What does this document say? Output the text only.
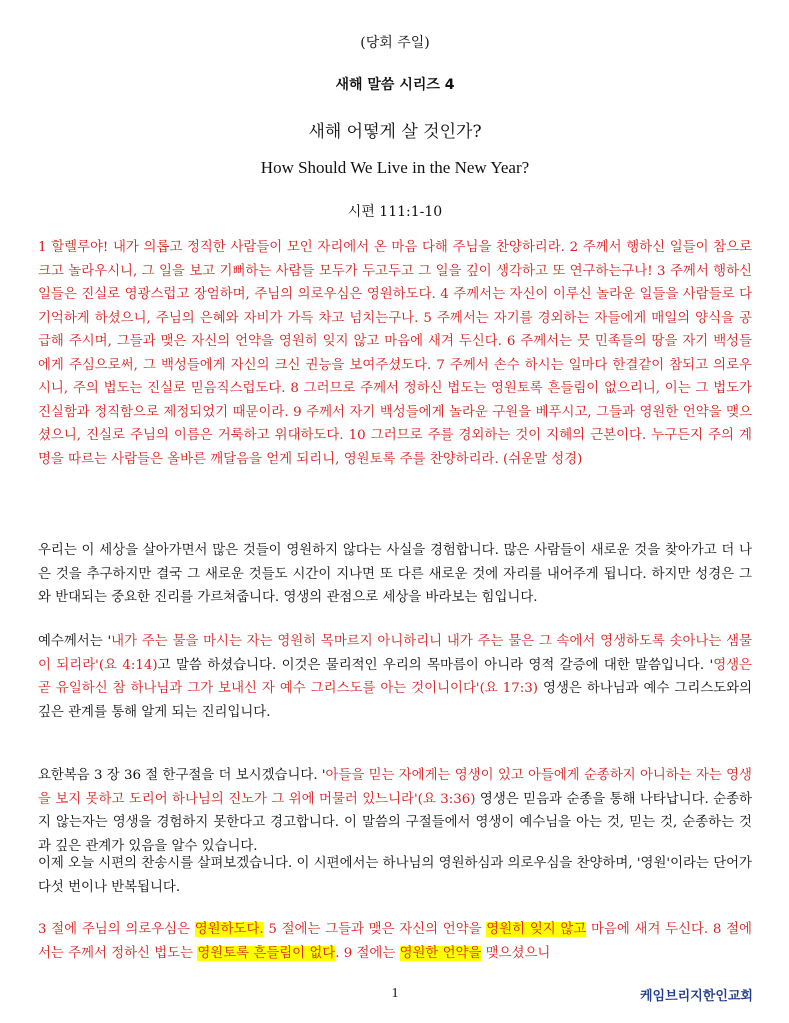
(당회 주일)
새해 말씀 시리즈 4
새해 어떻게 살 것인가?
How Should We Live in the New Year?
시편 111:1-10

1 할렐루야! 내가 의롭고 정직한 사람들이 모인 자리에서 온 마음 다해 주님을 찬양하리라. 2 주께서 행하신 일들이 참으로 크고 놀라우시니, 그 일을 보고 기뻐하는 사람들 모두가 두고두고 그 일을 깊이 생각하고 또 연구하는구나! 3 주께서 행하신 일들은 진실로 영광스럽고 장엄하며, 주님의 의로우심은 영원하도다. 4 주께서는 자신이 이루신 놀라운 일들을 사람들로 다 기억하게 하셨으니, 주님의 은혜와 자비가 가득 차고 넘치는구나. 5 주께서는 자기를 경외하는 자들에게 매일의 양식을 공급해 주시며, 그들과 맺은 자신의 언약을 영원히 잊지 않고 마음에 새겨 두신다. 6 주께서는 뭇 민족들의 땅을 자기 백성들에게 주심으로써, 그 백성들에게 자신의 크신 권능을 보여주셨도다. 7 주께서 손수 하시는 일마다 한결같이 참되고 의로우시니, 주의 법도는 진실로 믿음직스럽도다. 8 그러므로 주께서 정하신 법도는 영원토록 흔들림이 없으리니, 이는 그 법도가 진실함과 정직함으로 제정되었기 때문이라. 9 주께서 자기 백성들에게 놀라운 구원을 베푸시고, 그들과 영원한 언약을 맺으셨으니, 진실로 주님의 이름은 거룩하고 위대하도다. 10 그러므로 주를 경외하는 것이 지혜의 근본이다. 누구든지 주의 계명을 따르는 사람들은 올바른 깨달음을 얻게 되리니, 영원토록 주를 찬양하리라. (쉬운말 성경)

우리는 이 세상을 살아가면서 많은 것들이 영원하지 않다는 사실을 경험합니다. 많은 사람들이 새로운 것을 찾아가고 더 나은 것을 추구하지만 결국 그 새로운 것들도 시간이 지나면 또 다른 새로운 것에 자리를 내어주게 됩니다. 하지만 성경은 그와 반대되는 중요한 진리를 가르쳐줍니다. 영생의 관점으로 세상을 바라보는 힘입니다.

예수께서는 '내가 주는 물을 마시는 자는 영원히 목마르지 아니하리니 내가 주는 물은 그 속에서 영생하도록 솟아나는 샘물이 되리라'(요 4:14)고 말씀 하셨습니다. 이것은 물리적인 우리의 목마름이 아니라 영적 갈증에 대한 말씀입니다. '영생은 곧 유일하신 참 하나님과 그가 보내신 자 예수 그리스도를 아는 것이니이다'(요 17:3) 영생은 하나님과 예수 그리스도와의 깊은 관계를 통해 알게 되는 진리입니다.

요한복음 3 장 36 절 한구절을 더 보시겠습니다. '아들을 믿는 자에게는 영생이 있고 아들에게 순종하지 아니하는 자는 영생을 보지 못하고 도리어 하나님의 진노가 그 위에 머물러 있느니라'(요 3:36) 영생은 믿음과 순종을 통해 나타납니다. 순종하지 않는자는 영생을 경험하지 못한다고 경고합니다. 이 말씀의 구절들에서 영생이 예수님을 아는 것, 믿는 것, 순종하는 것과 깊은 관계가 있음을 알수 있습니다.

이제 오늘 시편의 찬송시를 살펴보겠습니다. 이 시편에서는 하나님의 영원하심과 의로우심을 찬양하며, '영원'이라는 단어가 다섯 번이나 반복됩니다.

3 절에 주님의 의로우심은 영원하도다. 5 절에는 그들과 맺은 자신의 언약을 영원히 잊지 않고 마음에 새겨 두신다. 8 절에서는 주께서 정하신 법도는 영원토록 흔들림이 없다. 9 절에는 영원한 언약을 맺으셨으니

1	케임브리지한인교회
